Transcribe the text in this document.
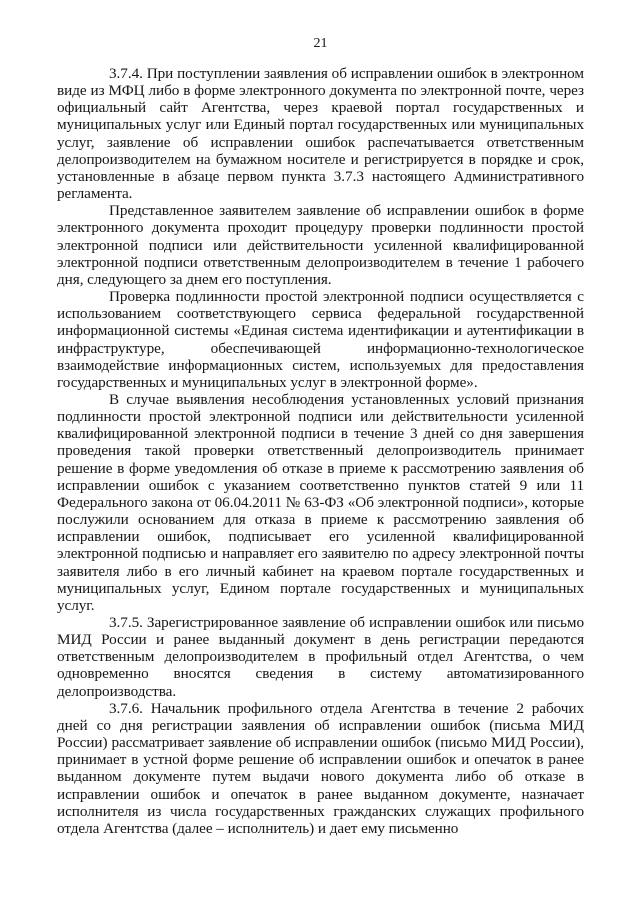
21

3.7.4. При поступлении заявления об исправлении ошибок в электронном виде из МФЦ либо в форме электронного документа по электронной почте, через официальный сайт Агентства, через краевой портал государственных и муниципальных услуг или Единый портал государственных или муниципальных услуг, заявление об исправлении ошибок распечатывается ответственным делопроизводителем на бумажном носителе и регистрируется в порядке и срок, установленные в абзаце первом пункта 3.7.3 настоящего Административного регламента.

Представленное заявителем заявление об исправлении ошибок в форме электронного документа проходит процедуру проверки подлинности простой электронной подписи или действительности усиленной квалифицированной электронной подписи ответственным делопроизводителем в течение 1 рабочего дня, следующего за днем его поступления.

Проверка подлинности простой электронной подписи осуществляется с использованием соответствующего сервиса федеральной государственной информационной системы «Единая система идентификации и аутентификации в инфраструктуре, обеспечивающей информационно-технологическое взаимодействие информационных систем, используемых для предоставления государственных и муниципальных услуг в электронной форме».

В случае выявления несоблюдения установленных условий признания подлинности простой электронной подписи или действительности усиленной квалифицированной электронной подписи в течение 3 дней со дня завершения проведения такой проверки ответственный делопроизводитель принимает решение в форме уведомления об отказе в приеме к рассмотрению заявления об исправлении ошибок с указанием соответственно пунктов статей 9 или 11 Федерального закона от 06.04.2011 № 63-ФЗ «Об электронной подписи», которые послужили основанием для отказа в приеме к рассмотрению заявления об исправлении ошибок, подписывает его усиленной квалифицированной электронной подписью и направляет его заявителю по адресу электронной почты заявителя либо в его личный кабинет на краевом портале государственных и муниципальных услуг, Едином портале государственных и муниципальных услуг.

3.7.5. Зарегистрированное заявление об исправлении ошибок или письмо МИД России и ранее выданный документ в день регистрации передаются ответственным делопроизводителем в профильный отдел Агентства, о чем одновременно вносятся сведения в систему автоматизированного делопроизводства.

3.7.6. Начальник профильного отдела Агентства в течение 2 рабочих дней со дня регистрации заявления об исправлении ошибок (письма МИД России) рассматривает заявление об исправлении ошибок (письмо МИД России), принимает в устной форме решение об исправлении ошибок и опечаток в ранее выданном документе путем выдачи нового документа либо об отказе в исправлении ошибок и опечаток в ранее выданном документе, назначает исполнителя из числа государственных гражданских служащих профильного отдела Агентства (далее – исполнитель) и дает ему письменно
